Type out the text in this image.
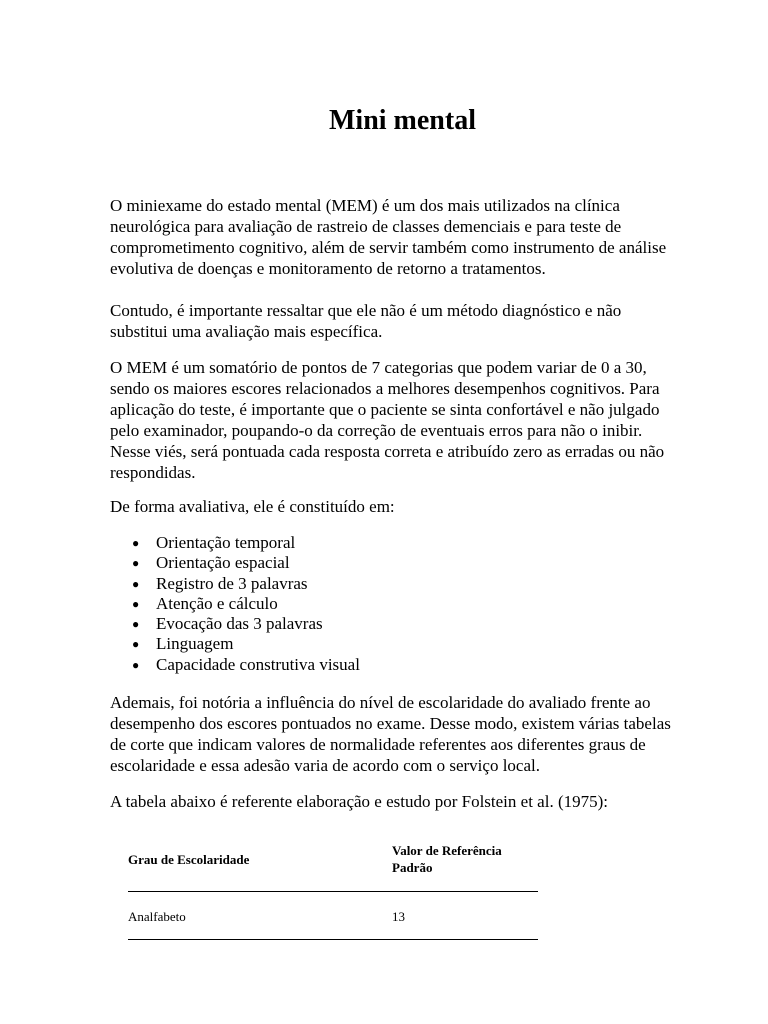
Mini mental

O miniexame do estado mental (MEM) é um dos mais utilizados na clínica neurológica para avaliação de rastreio de classes demenciais e para teste de comprometimento cognitivo, além de servir também como instrumento de análise evolutiva de doenças e monitoramento de retorno a tratamentos.

Contudo, é importante ressaltar que ele não é um método diagnóstico e não substitui uma avaliação mais específica.

O MEM é um somatório de pontos de 7 categorias que podem variar de 0 a 30, sendo os maiores escores relacionados a melhores desempenhos cognitivos. Para aplicação do teste, é importante que o paciente se sinta confortável e não julgado pelo examinador, poupando-o da correção de eventuais erros para não o inibir. Nesse viés, será pontuada cada resposta correta e atribuído zero as erradas ou não respondidas.

De forma avaliativa, ele é constituído em:

● Orientação temporal
● Orientação espacial
● Registro de 3 palavras
● Atenção e cálculo
● Evocação das 3 palavras
● Linguagem
● Capacidade construtiva visual

Ademais, foi notória a influência do nível de escolaridade do avaliado frente ao desempenho dos escores pontuados no exame. Desse modo, existem várias tabelas de corte que indicam valores de normalidade referentes aos diferentes graus de escolaridade e essa adesão varia de acordo com o serviço local.

A tabela abaixo é referente elaboração e estudo por Folstein et al. (1975):

Grau de Escolaridade
Valor de Referência Padrão
Analfabeto	13
